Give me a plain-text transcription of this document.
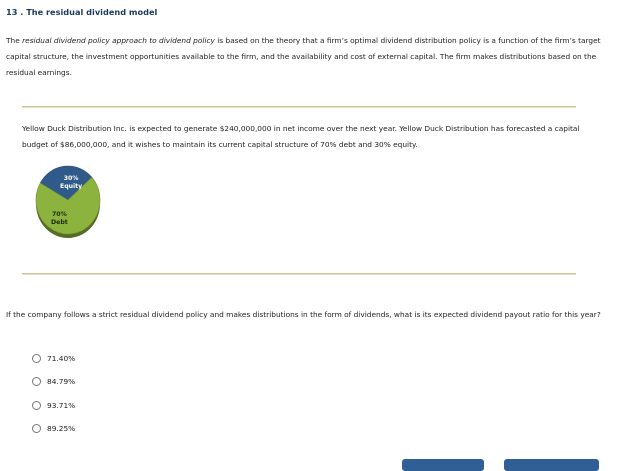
13 . The residual dividend model
The residual dividend policy approach to dividend policy is based on the theory that a firm’s optimal dividend distribution policy is a function of the firm’s target capital structure, the investment opportunities available to the firm, and the availability and cost of external capital. The firm makes distributions based on the residual earnings.
Yellow Duck Distribution Inc. is expected to generate $240,000,000 in net income over the next year. Yellow Duck Distribution has forecasted a capital budget of $86,000,000, and it wishes to maintain its current capital structure of 70% debt and 30% equity.
30%
Equity
70%
Debt
If the company follows a strict residual dividend policy and makes distributions in the form of dividends, what is its expected dividend payout ratio for this year?
71.40%
84.79%
93.71%
89.25%
